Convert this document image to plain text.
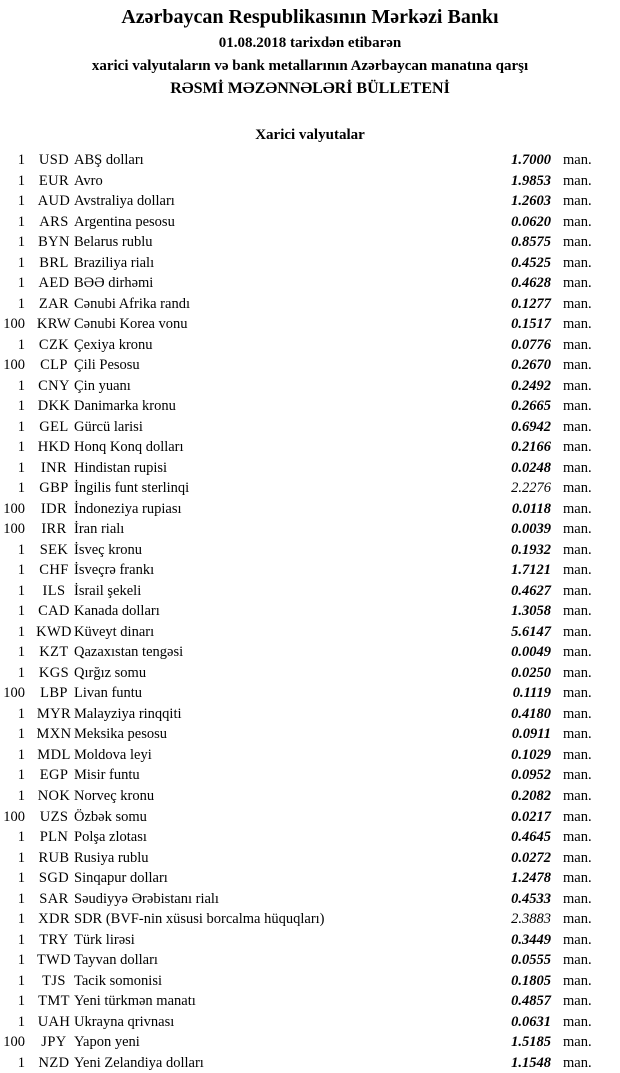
Azərbaycan Respublikasının Mərkəzi Bankı
01.08.2018 tarixdən etibarən
xarici valyutaların və bank metallarının Azərbaycan manatına qarşı
RƏSMİ MƏZƏNNƏLƏRİ BÜLLETENİ
Xarici valyutalar
1 USD ABŞ dolları	1.7000 man.
1 EUR Avro	1.9853 man.
1 AUD Avstraliya dolları	1.2603 man.
1 ARS Argentina pesosu	0.0620 man.
1 BYN Belarus rublu	0.8575 man.
1 BRL Braziliya rialı	0.4525 man.
1 AED BƏƏ dirhəmi	0.4628 man.
1 ZAR Cənubi Afrika randı	0.1277 man.
100 KRW Cənubi Korea vonu	0.1517 man.
1 CZK Çexiya kronu	0.0776 man.
100	CLP Çili Pesosu	0.2670 man.
1 CNY Çin yuanı	0.2492 man.
1 DKK Danimarka kronu	0.2665 man.
1 GEL Gürcü larisi	0.6942 man.
1 HKD Honq Konq dolları	0.2166 man.
1	INR Hindistan rupisi	0.0248 man.
1 GBP İngilis funt sterlinqi	2.2276 man.
100	IDR İndoneziya rupiası	0.0118 man.
100	IRR İran rialı	0.0039 man.
1	SEK İsveç kronu	0.1932 man.
1 CHF İsveçrə frankı	1.7121 man.
1	ILS İsrail şekeli	0.4627 man.
1 CAD Kanada dolları	1.3058 man.
1 KWD Küveyt dinarı	5.6147 man.
1 KZT Qazaxıstan tengəsi	0.0049 man.
1 KGS Qırğız somu	0.0250 man.
100	LBP Livan funtu	0.1119 man.
1 MYR Malayziya rinqqiti	0.4180 man.
1 MXN Meksika pesosu	0.0911 man.
1 MDL Moldova leyi	0.1029 man.
1	EGP Misir funtu	0.0952 man.
1 NOK Norveç kronu	0.2082 man.
100	UZS Özbək somu	0.0217 man.
1	PLN Polşa zlotası	0.4645 man.
1 RUB Rusiya rublu	0.0272 man.
1 SGD Sinqapur dolları	1.2478 man.
1 SAR Səudiyyə Ərəbistanı rialı	0.4533 man.
1 XDR SDR (BVF-nin xüsusi borcalma hüquqları)	2.3883 man.
1 TRY Türk lirəsi	0.3449 man.
1 TWD Tayvan dolları	0.0555 man.
1	TJS Tacik somonisi	0.1805 man.
1 TMT Yeni türkmən manatı	0.4857 man.
1 UAH Ukrayna qrivnası	0.0631 man.
100	JPY Yapon yeni	1.5185 man.
1 NZD Yeni Zelandiya dolları	1.1548 man.
